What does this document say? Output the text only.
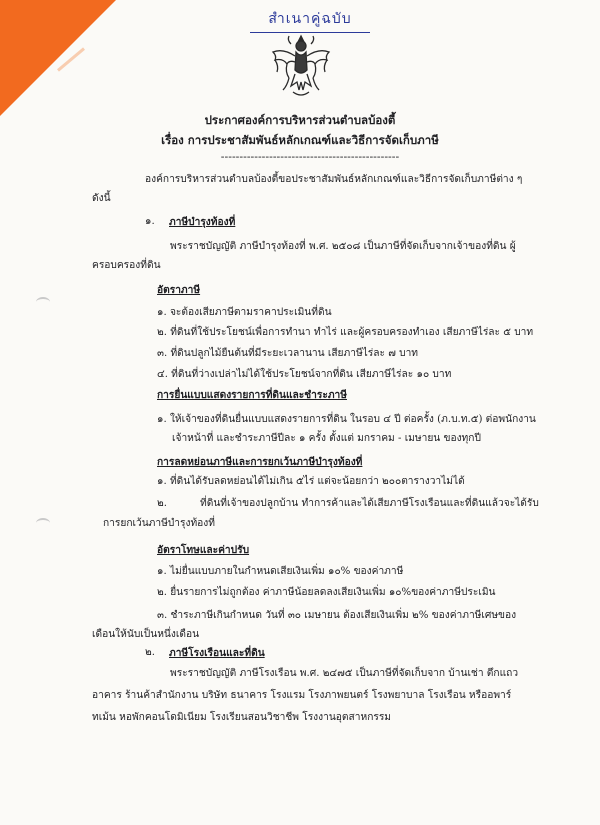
สำเนาคู่ฉบับ
ประกาศองค์การบริหารส่วนตำบลบ้องตี้
เรื่อง การประชาสัมพันธ์หลักเกณฑ์และวิธีการจัดเก็บภาษี
------------------------------------------------
องค์การบริหารส่วนตำบลบ้องตี้ขอประชาสัมพันธ์หลักเกณฑ์และวิธีการจัดเก็บภาษีต่าง ๆ
ดังนี้
๑. ภาษีบำรุงท้องที่
พระราชบัญญัติ ภาษีบำรุงท้องที่ พ.ศ. ๒๕๐๘ เป็นภาษีที่จัดเก็บจากเจ้าของที่ดิน ผู้
ครอบครองที่ดิน
อัตราภาษี
๑. จะต้องเสียภาษีตามราคาประเมินที่ดิน
๒. ที่ดินที่ใช้ประโยชน์เพื่อการทำนา ทำไร่ และผู้ครอบครองทำเอง เสียภาษีไร่ละ ๕ บาท
๓. ที่ดินปลูกไม้ยืนต้นที่มีระยะเวลานาน เสียภาษีไร่ละ ๗ บาท
๔. ที่ดินที่ว่างเปล่าไม่ได้ใช้ประโยชน์จากที่ดิน เสียภาษีไร่ละ ๑๐ บาท
การยื่นแบบแสดงรายการที่ดินและชำระภาษี
๑. ให้เจ้าของที่ดินยื่นแบบแสดงรายการที่ดิน ในรอบ ๔ ปี ต่อครั้ง (ภ.บ.ท.๕) ต่อพนักงาน
เจ้าหน้าที่ และชำระภาษีปีละ ๑ ครั้ง ตั้งแต่ มกราคม - เมษายน ของทุกปี
การลดหย่อนภาษีและการยกเว้นภาษีบำรุงท้องที่
๑. ที่ดินได้รับลดหย่อนได้ไม่เกิน ๕ไร่ แต่จะน้อยกว่า ๒๐๐ตารางวาไม่ได้
๒.	ที่ดินที่เจ้าของปลูกบ้าน ทำการค้าและได้เสียภาษีโรงเรือนและที่ดินแล้วจะได้รับ
การยกเว้นภาษีบำรุงท้องที่
อัตราโทษและค่าปรับ
๑. ไม่ยื่นแบบภายในกำหนดเสียเงินเพิ่ม ๑๐% ของค่าภาษี
๒. ยื่นรายการไม่ถูกต้อง ค่าภาษีน้อยลดลงเสียเงินเพิ่ม ๑๐%ของค่าภาษีประเมิน
๓. ชำระภาษีเกินกำหนด วันที่ ๓๐ เมษายน ต้องเสียเงินเพิ่ม ๒% ของค่าภาษีเศษของ
เดือนให้นับเป็นหนึ่งเดือน
๒. ภาษีโรงเรือนและที่ดิน
พระราชบัญญัติ ภาษีโรงเรือน พ.ศ. ๒๔๗๕ เป็นภาษีที่จัดเก็บจาก บ้านเช่า ตึกแถว
อาคาร ร้านค้าสำนักงาน บริษัท ธนาคาร โรงแรม โรงภาพยนตร์ โรงพยาบาล โรงเรือน หรืออพาร์
ทเม้น หอพักคอนโดมิเนียม โรงเรียนสอนวิชาชีพ โรงงานอุตสาหกรรม
